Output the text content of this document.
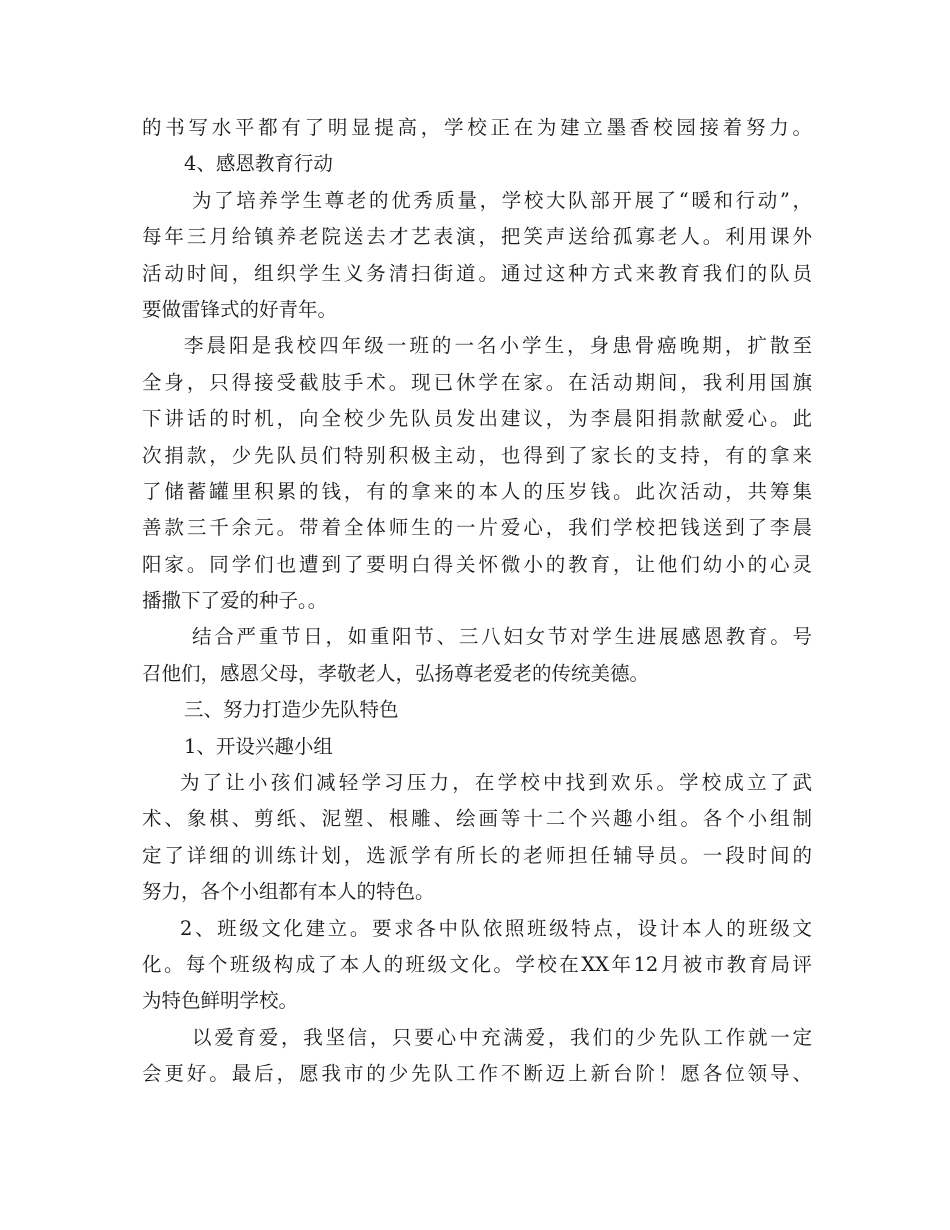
的书写水平都有了明显提高，学校正在为建立墨香校园接着努力。
4、感恩教育行动
为了培养学生尊老的优秀质量，学校大队部开展了“暖和行动”，
每年三月给镇养老院送去才艺表演，把笑声送给孤寡老人。利用课外
活动时间，组织学生义务清扫街道。通过这种方式来教育我们的队员
要做雷锋式的好青年。
李晨阳是我校四年级一班的一名小学生，身患骨癌晚期，扩散至
全身，只得接受截肢手术。现已休学在家。在活动期间，我利用国旗
下讲话的时机，向全校少先队员发出建议，为李晨阳捐款献爱心。此
次捐款，少先队员们特别积极主动，也得到了家长的支持，有的拿来
了储蓄罐里积累的钱，有的拿来的本人的压岁钱。此次活动，共筹集
善款三千余元。带着全体师生的一片爱心，我们学校把钱送到了李晨
阳家。同学们也遭到了要明白得关怀微小的教育，让他们幼小的心灵
播撒下了爱的种子。。
结合严重节日，如重阳节、三八妇女节对学生进展感恩教育。号
召他们，感恩父母，孝敬老人，弘扬尊老爱老的传统美德。
三、努力打造少先队特色
1、开设兴趣小组
为了让小孩们减轻学习压力，在学校中找到欢乐。学校成立了武
术、象棋、剪纸、泥塑、根雕、绘画等十二个兴趣小组。各个小组制
定了详细的训练计划，选派学有所长的老师担任辅导员。一段时间的
努力，各个小组都有本人的特色。
2、班级文化建立。要求各中队依照班级特点，设计本人的班级文
化。每个班级构成了本人的班级文化。学校在XX年12月被市教育局评
为特色鲜明学校。
以爱育爱，我坚信，只要心中充满爱，我们的少先队工作就一定
会更好。最后，愿我市的少先队工作不断迈上新台阶！愿各位领导、
